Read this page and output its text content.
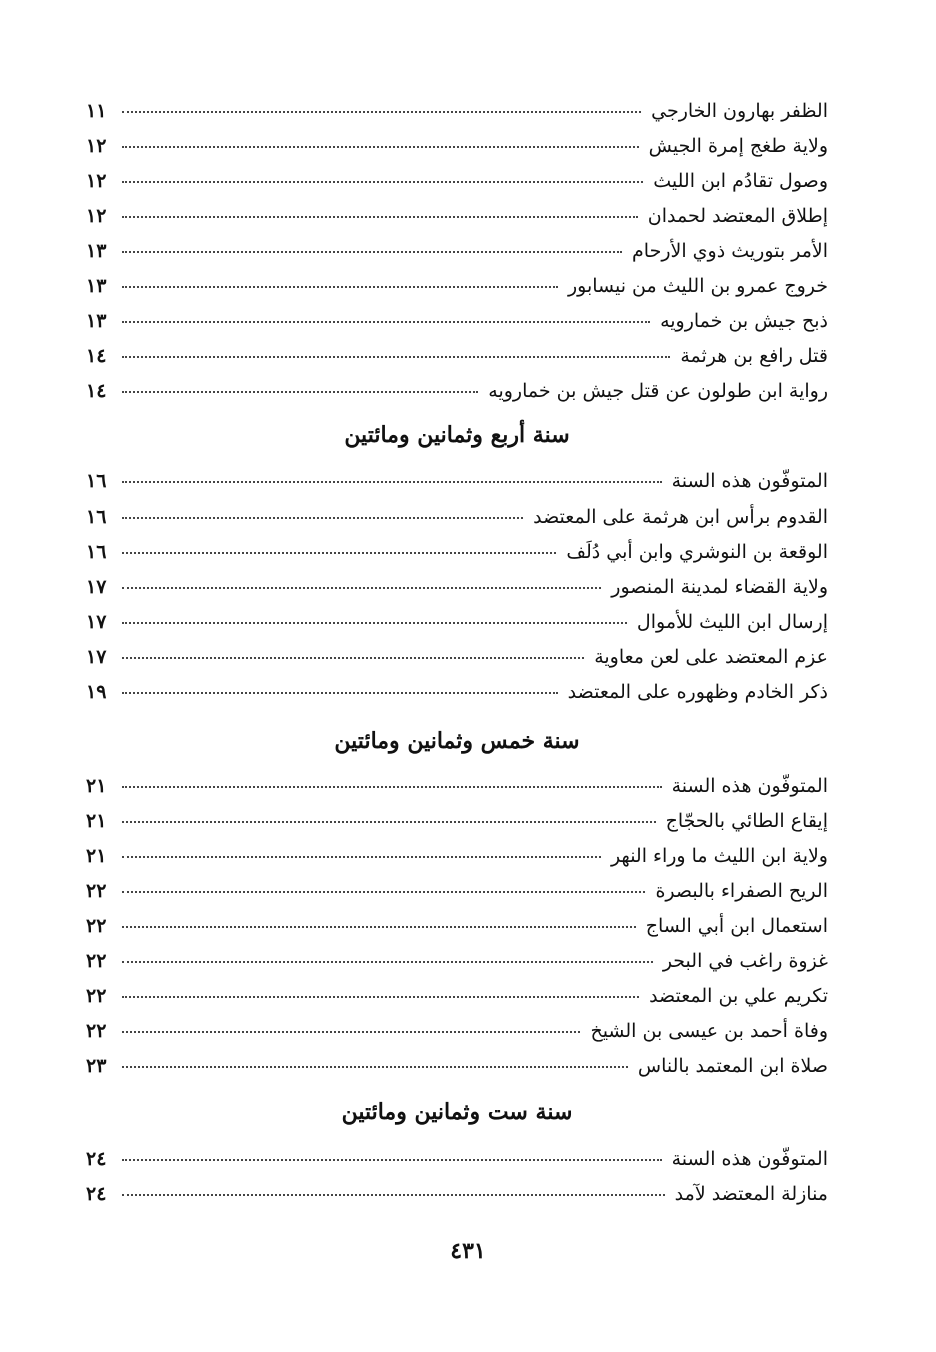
الظفر بهارون الخارجي
١١
ولاية طغج إمرة الجيش
١٢
وصول تقادُم ابن الليث
١٢
إطلاق المعتضد لحمدان
١٢
الأمر بتوريث ذوي الأرحام
١٣
خروج عمرو بن الليث من نيسابور
١٣
ذبح جيش بن خمارويه
١٣
قتل رافع بن هرثمة
١٤
رواية ابن طولون عن قتل جيش بن خمارويه
١٤
سنة أربع وثمانين ومائتين
المتوفّون هذه السنة
١٦
القدوم برأس ابن هرثمة على المعتضد
١٦
الوقعة بن النوشري وابن أبي دُلَف
١٦
ولاية القضاء لمدينة المنصور
١٧
إرسال ابن الليث للأموال
١٧
عزم المعتضد على لعن معاوية
١٧
ذكر الخادم وظهوره على المعتضد
١٩
سنة خمس وثمانين ومائتين
المتوفّون هذه السنة
٢١
إيقاع الطائي بالحجّاج
٢١
ولاية ابن الليث ما وراء النهر
٢١
الريح الصفراء بالبصرة
٢٢
استعمال ابن أبي الساج
٢٢
غزوة راغب في البحر
٢٢
تكريم علي بن المعتضد
٢٢
وفاة أحمد بن عيسى بن الشيخ
٢٢
صلاة ابن المعتمد بالناس
٢٣
سنة ست وثمانين ومائتين
المتوفّون هذه السنة
٢٤
منازلة المعتضد لآمد
٢٤
٤٣١
